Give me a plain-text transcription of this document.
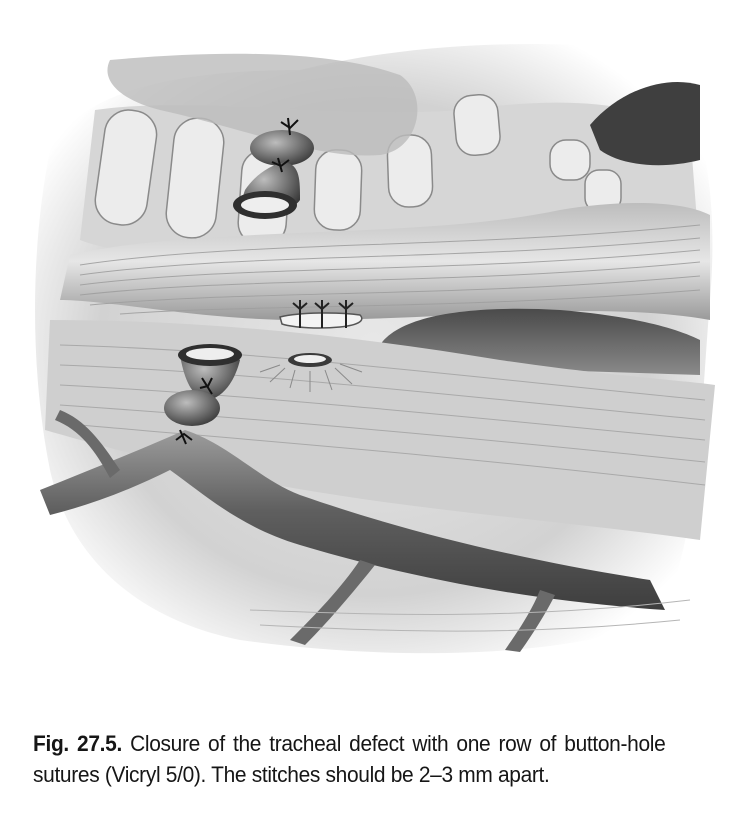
Fig. 27.5. Closure of the tracheal defect with one row of button-hole sutures (Vicryl 5/0). The stitches should be 2–3 mm apart.
